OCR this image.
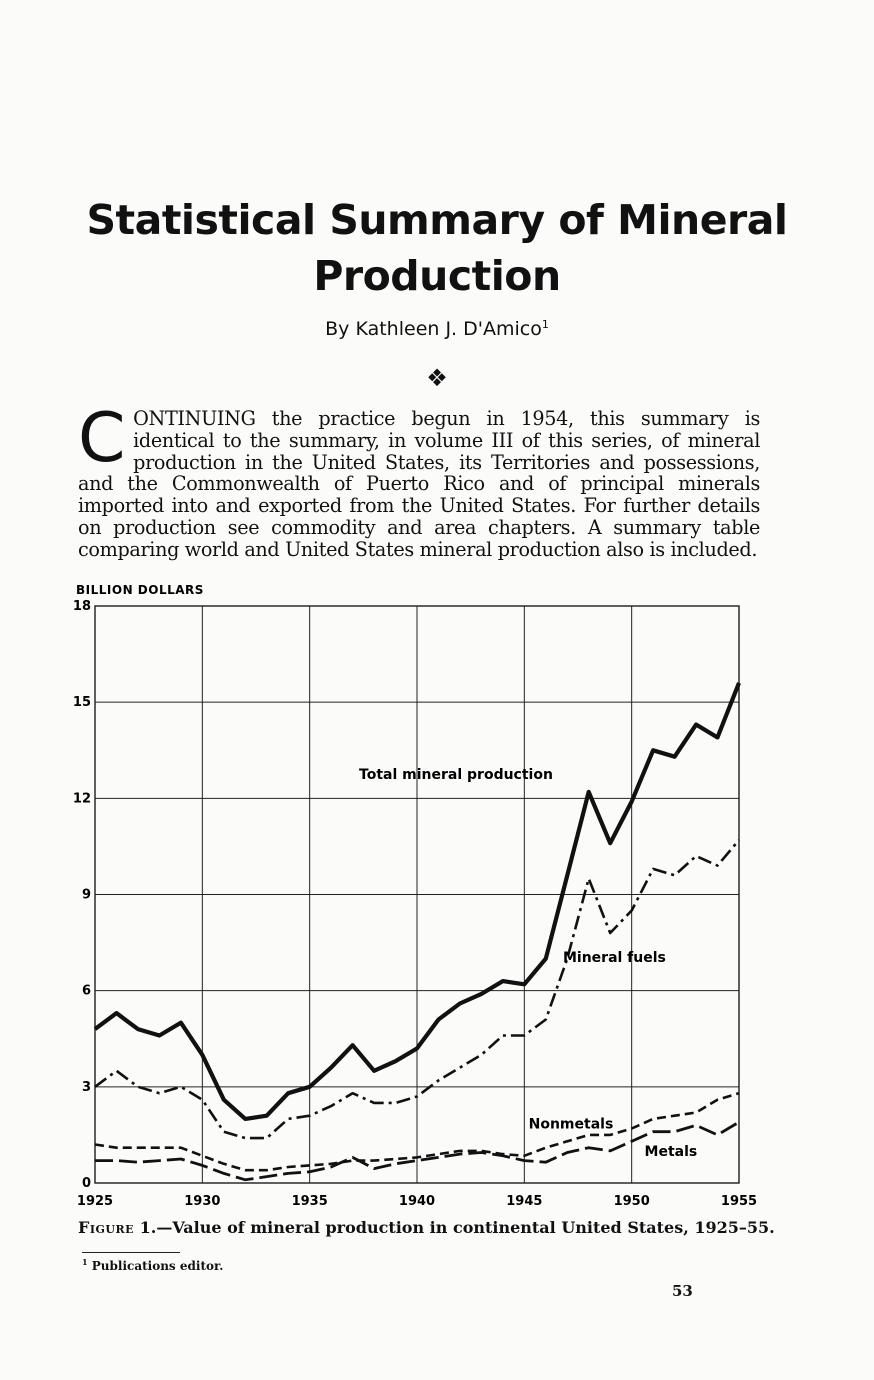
Statistical Summary of Mineral
Production
By Kathleen J. D'Amico$^1$
❖

CONTINUING the practice begun in 1954, this summary is identical to the summary, in volume III of this series, of mineral production in the United States, its Territories and possessions, and the Commonwealth of Puerto Rico and of principal minerals imported into and exported from the United States. For further details on production see commodity and area chapters. A summary table comparing world and United States mineral production also is included.

0
3
6
9
12
15
18
1925	1930	1935	1940	1945	1950	1955
BILLION DOLLARS
Total mineral production
Mineral fuels
Nonmetals
Metals
Figure 1.—Value of mineral production in continental United States, 1925–55.
$^1$ Publications editor.
53
